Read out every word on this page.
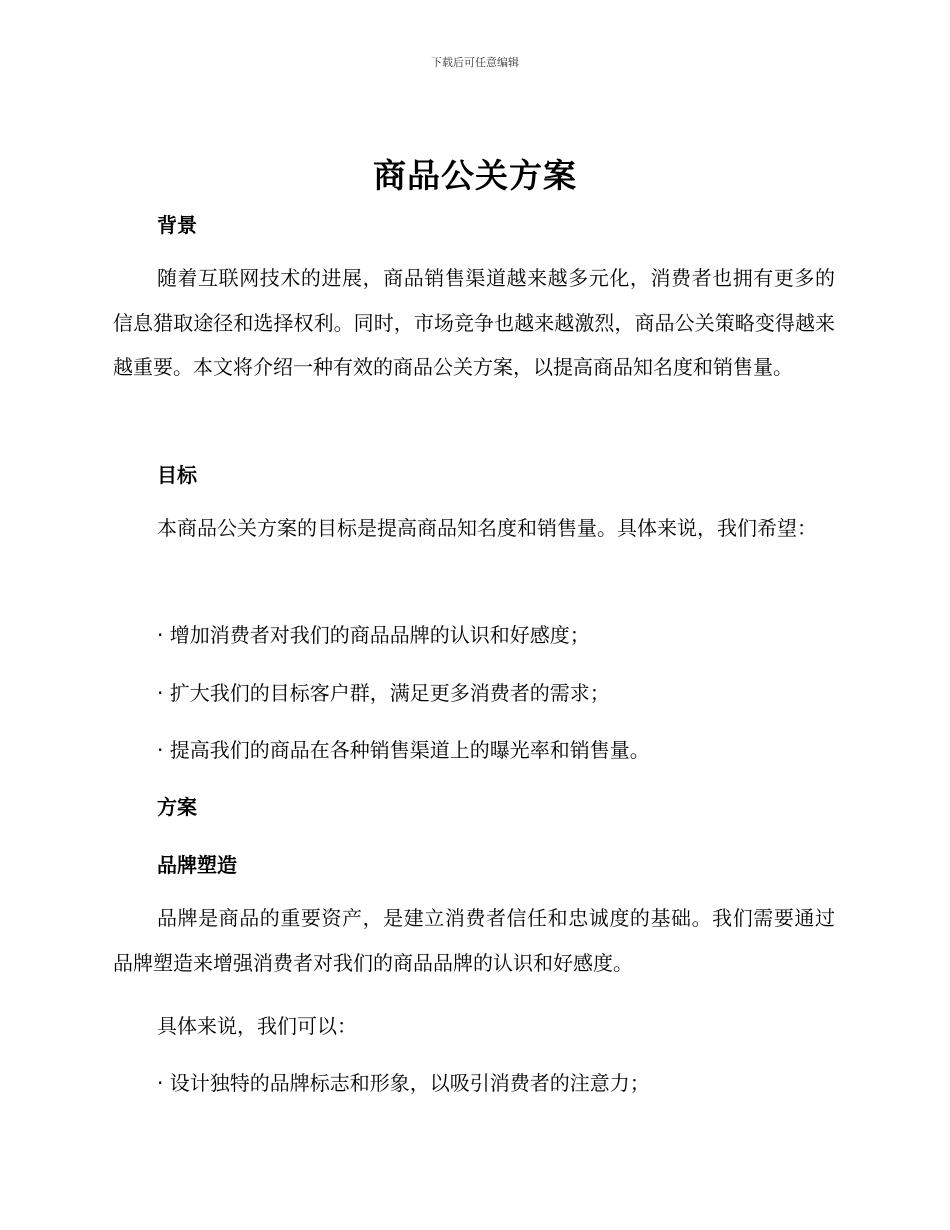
下载后可任意编辑
商品公关方案
背景
随着互联网技术的进展，商品销售渠道越来越多元化，消费者也拥有更多的信息猎取途径和选择权利。同时，市场竞争也越来越激烈，商品公关策略变得越来越重要。本文将介绍一种有效的商品公关方案，以提高商品知名度和销售量。
目标
本商品公关方案的目标是提高商品知名度和销售量。具体来说，我们希望：
· 增加消费者对我们的商品品牌的认识和好感度；
· 扩大我们的目标客户群，满足更多消费者的需求；
· 提高我们的商品在各种销售渠道上的曝光率和销售量。
方案
品牌塑造
品牌是商品的重要资产，是建立消费者信任和忠诚度的基础。我们需要通过品牌塑造来增强消费者对我们的商品品牌的认识和好感度。
具体来说，我们可以：
· 设计独特的品牌标志和形象，以吸引消费者的注意力；
